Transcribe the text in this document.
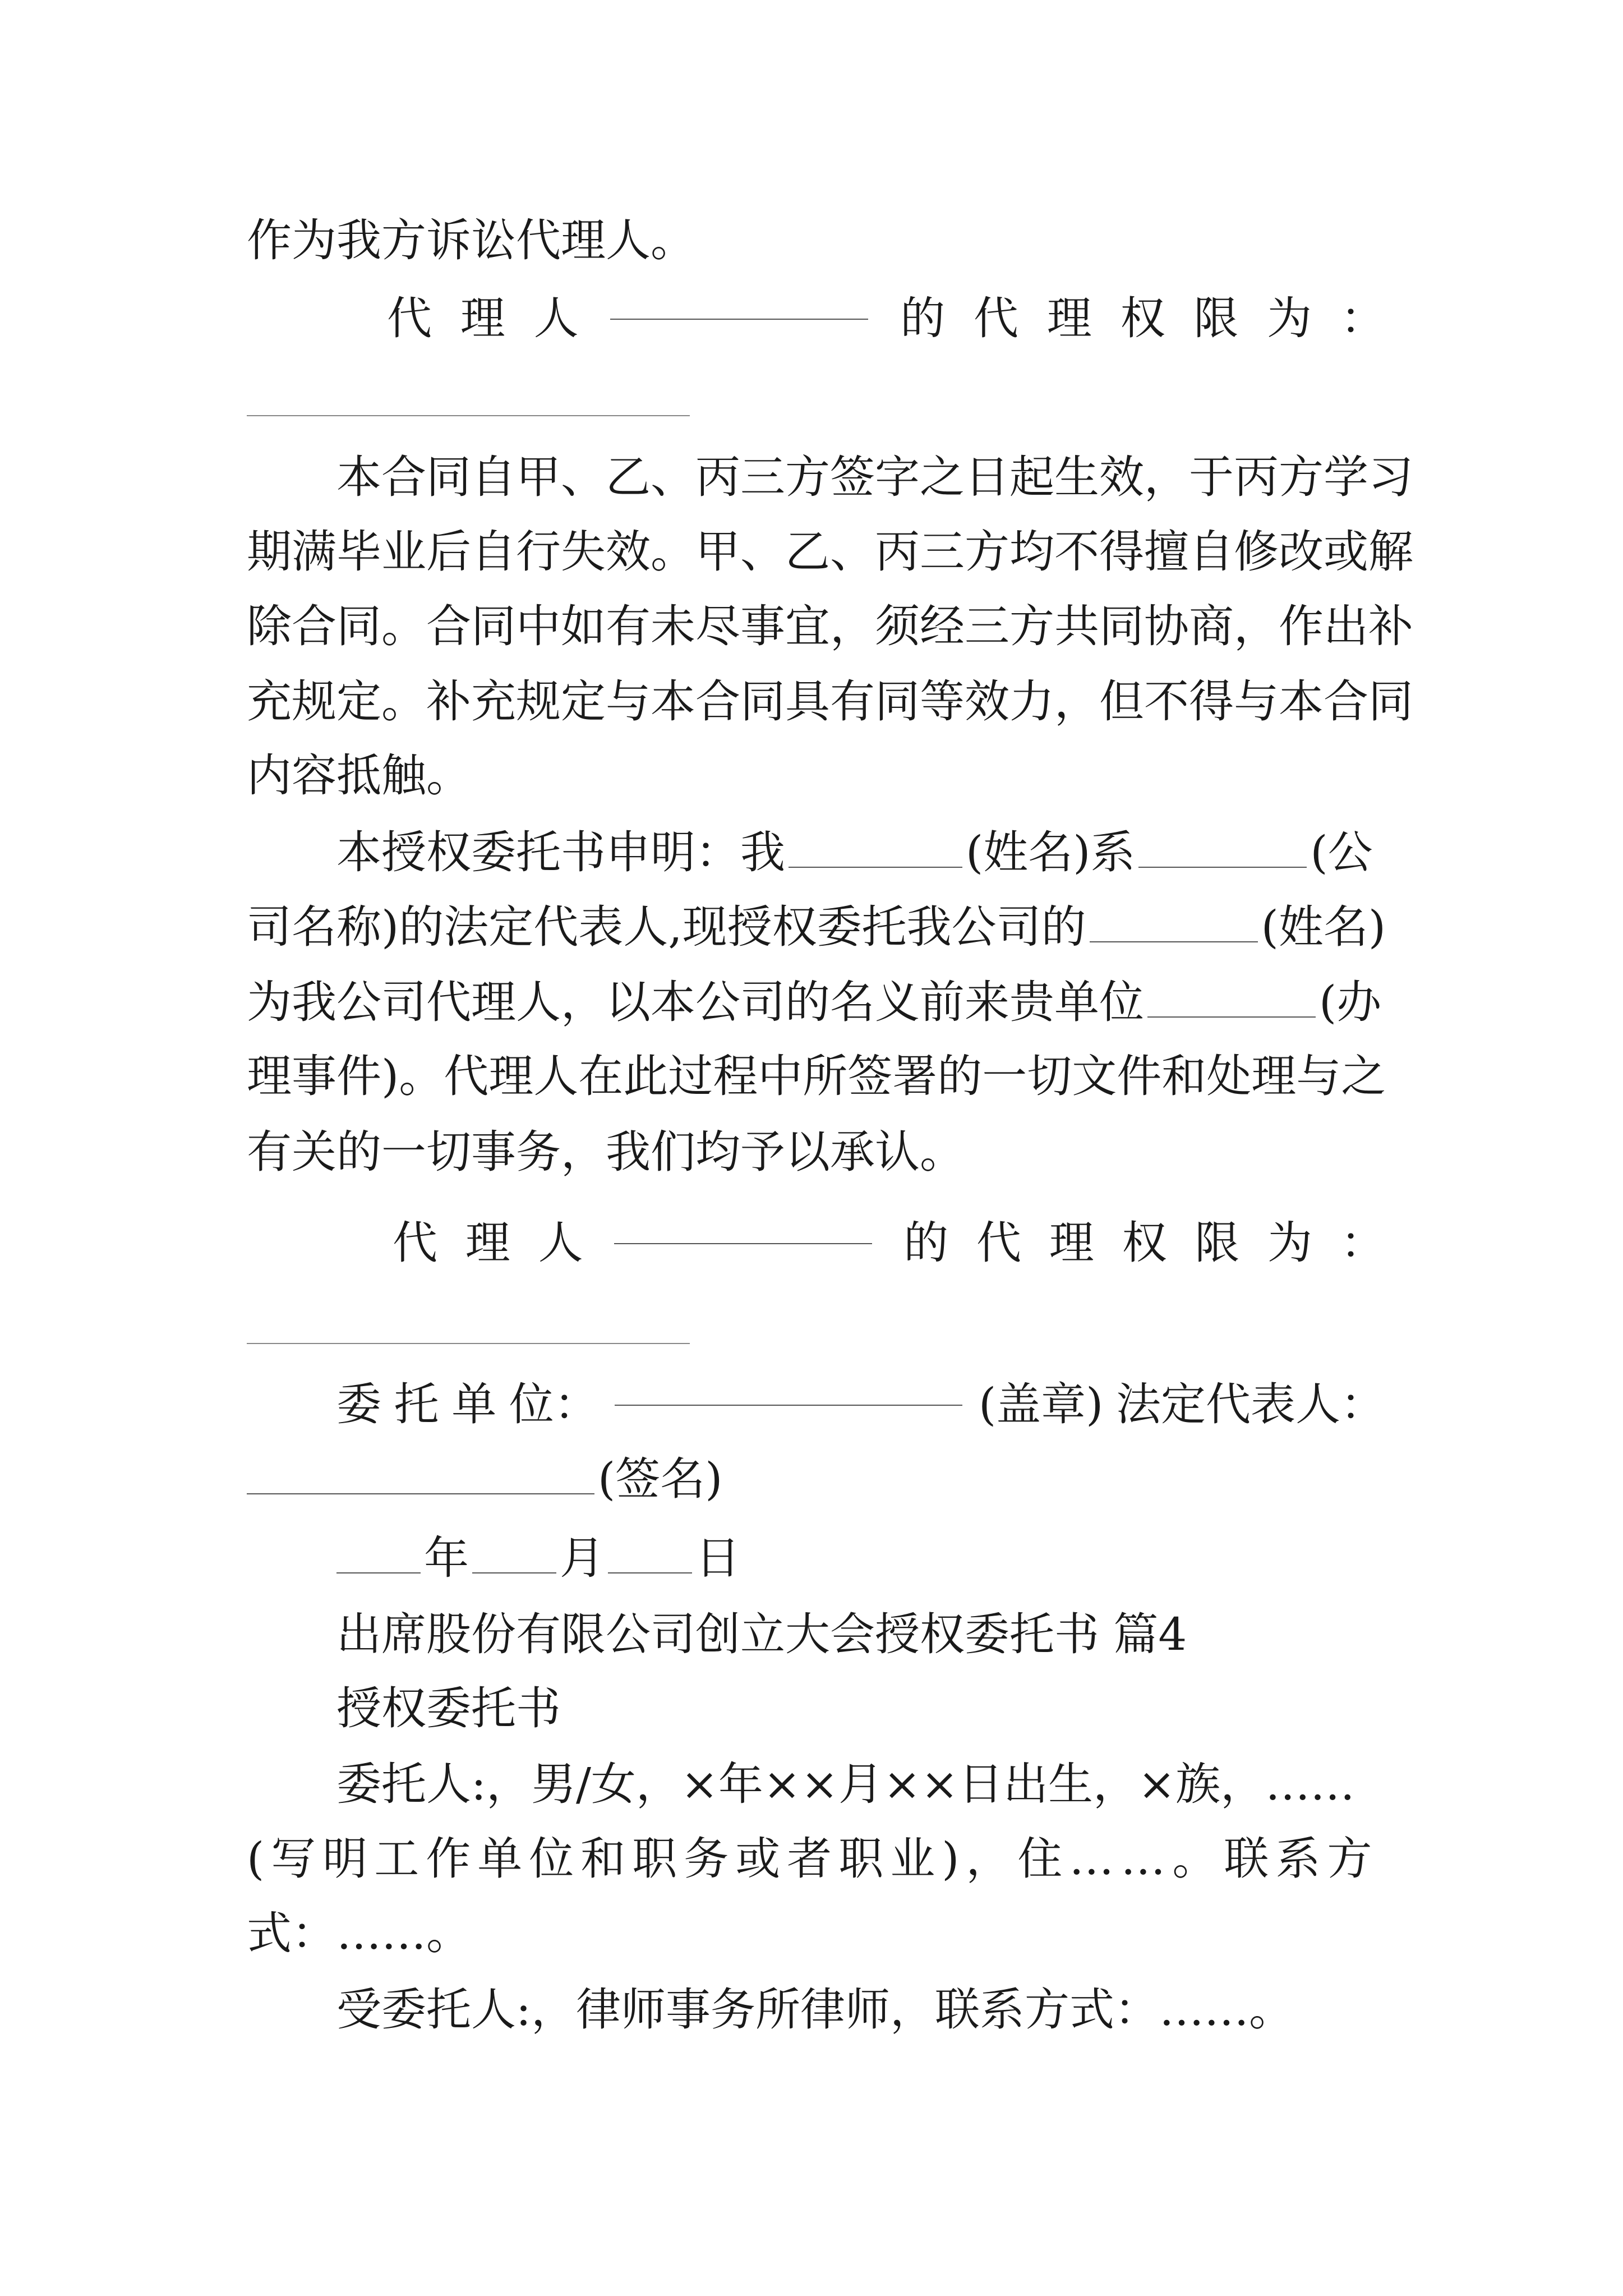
作为我方诉讼代理人。
代 理 人	的 代 理 权 限 为 ：
本合同自甲、乙、丙三方签字之日起生效，于丙方学习
期满毕业后自行失效。甲、乙、丙三方均不得擅自修改或解
除合同。合同中如有未尽事宜，须经三方共同协商，作出补
充规定。补充规定与本合同具有同等效力，但不得与本合同
内容抵触。
本授权委托书申明：我	(姓名)系	(公
司名称)的法定代表人,现授权委托我公司的	(姓名)
为我公司代理人，以本公司的名义前来贵单位	(办
理事件)。代理人在此过程中所签署的一切文件和处理与之
有关的一切事务，我们均予以承认。
代 理 人	的 代 理 权 限 为 ：
委 托 单 位：	(盖章) 法定代表人：
(签名)
年 月 日
出席股份有限公司创立大会授权委托书 篇4
授权委托书
委托人:，男/女，×年××月××日出生，×族，……
(写明工作单位和职务或者职业)，住……。联系方
式：……。
受委托人:，律师事务所律师，联系方式：……。
